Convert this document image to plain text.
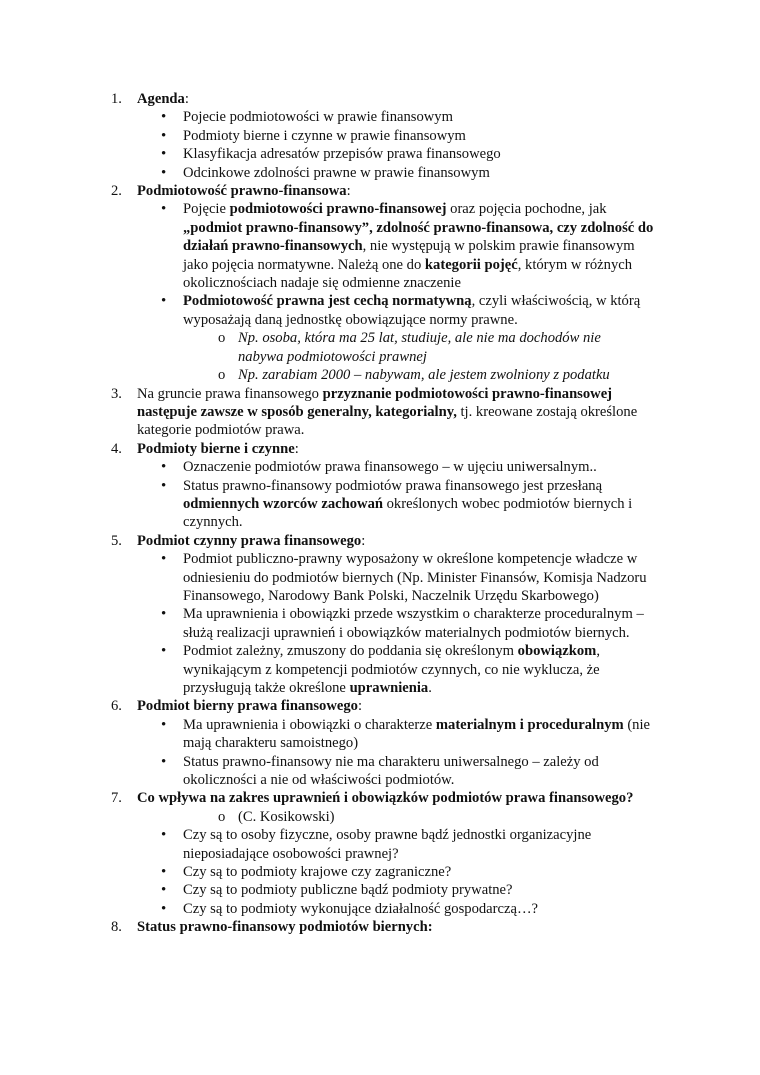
1. Agenda:
• Pojecie podmiotowości w prawie finansowym
• Podmioty bierne i czynne w prawie finansowym
• Klasyfikacja adresatów przepisów prawa finansowego
• Odcinkowe zdolności prawne w prawie finansowym
2. Podmiotowość prawno-finansowa:
• Pojęcie podmiotowości prawno-finansowej oraz pojęcia pochodne, jak „podmiot prawno-finansowy”, zdolność prawno-finansowa, czy zdolność do działań prawno-finansowych, nie występują w polskim prawie finansowym jako pojęcia normatywne. Należą one do kategorii pojęć, którym w różnych okolicznościach nadaje się odmienne znaczenie
• Podmiotowość prawna jest cechą normatywną, czyli właściwością, w którą wyposażają daną jednostkę obowiązujące normy prawne.
o Np. osoba, która ma 25 lat, studiuje, ale nie ma dochodów nie nabywa podmiotowości prawnej
o Np. zarabiam 2000 – nabywam, ale jestem zwolniony z podatku
3. Na gruncie prawa finansowego przyznanie podmiotowości prawno-finansowej następuje zawsze w sposób generalny, kategorialny, tj. kreowane zostają określone kategorie podmiotów prawa.
4. Podmioty bierne i czynne:
• Oznaczenie podmiotów prawa finansowego – w ujęciu uniwersalnym..
• Status prawno-finansowy podmiotów prawa finansowego jest przesłaną odmiennych wzorców zachowań określonych wobec podmiotów biernych i czynnych.
5. Podmiot czynny prawa finansowego:
• Podmiot publiczno-prawny wyposażony w określone kompetencje władcze w odniesieniu do podmiotów biernych (Np. Minister Finansów, Komisja Nadzoru Finansowego, Narodowy Bank Polski, Naczelnik Urzędu Skarbowego)
• Ma uprawnienia i obowiązki przede wszystkim o charakterze proceduralnym – służą realizacji uprawnień i obowiązków materialnych podmiotów biernych.
• Podmiot zależny, zmuszony do poddania się określonym obowiązkom, wynikającym z kompetencji podmiotów czynnych, co nie wyklucza, że przysługują także określone uprawnienia.
6. Podmiot bierny prawa finansowego:
• Ma uprawnienia i obowiązki o charakterze materialnym i proceduralnym (nie mają charakteru samoistnego)
• Status prawno-finansowy nie ma charakteru uniwersalnego – zależy od okoliczności a nie od właściwości podmiotów.
7. Co wpływa na zakres uprawnień i obowiązków podmiotów prawa finansowego?
o (C. Kosikowski)
• Czy są to osoby fizyczne, osoby prawne bądź jednostki organizacyjne nieposiadające osobowości prawnej?
• Czy są to podmioty krajowe czy zagraniczne?
• Czy są to podmioty publiczne bądź podmioty prywatne?
• Czy są to podmioty wykonujące działalność gospodarczą…?
8. Status prawno-finansowy podmiotów biernych:
